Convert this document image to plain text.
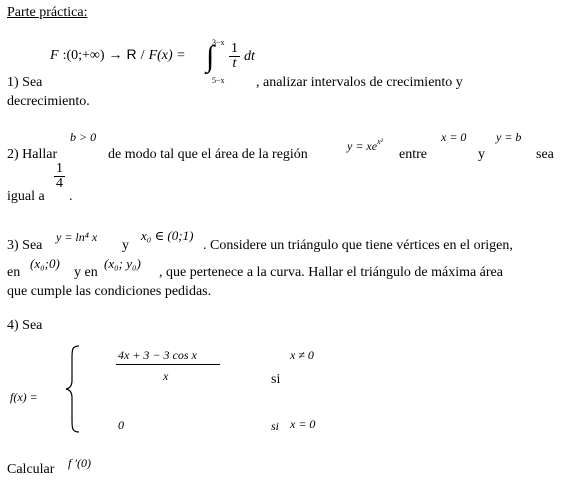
Parte práctica:
F :(0;+∞) → R / F(x) =
3−x
∫
5−x
$\frac{1}{t}$ dt
1) Sea	, analizar intervalos de crecimiento y
decrecimiento.
b > 0
2) Hallar	de modo tal que el área de la región
$y = xe^{x^2}$
entre
x = 0
y
y = b
sea
igual a
$\frac{1}{4}$
.
3) Sea
y = ln⁴ x
y
x₀ ∈ (0;1)
. Considere un triángulo que tiene vértices en el origen,
en
(x₀;0)
y en
(x₀; y₀)
, que pertenece a la curva. Hallar el triángulo de máxima área
que cumple las condiciones pedidas.
4) Sea
f(x) =
4x + 3 − 3 cos x
x	si
x ≠ 0
0	si x = 0
Calcular f ′(0)
